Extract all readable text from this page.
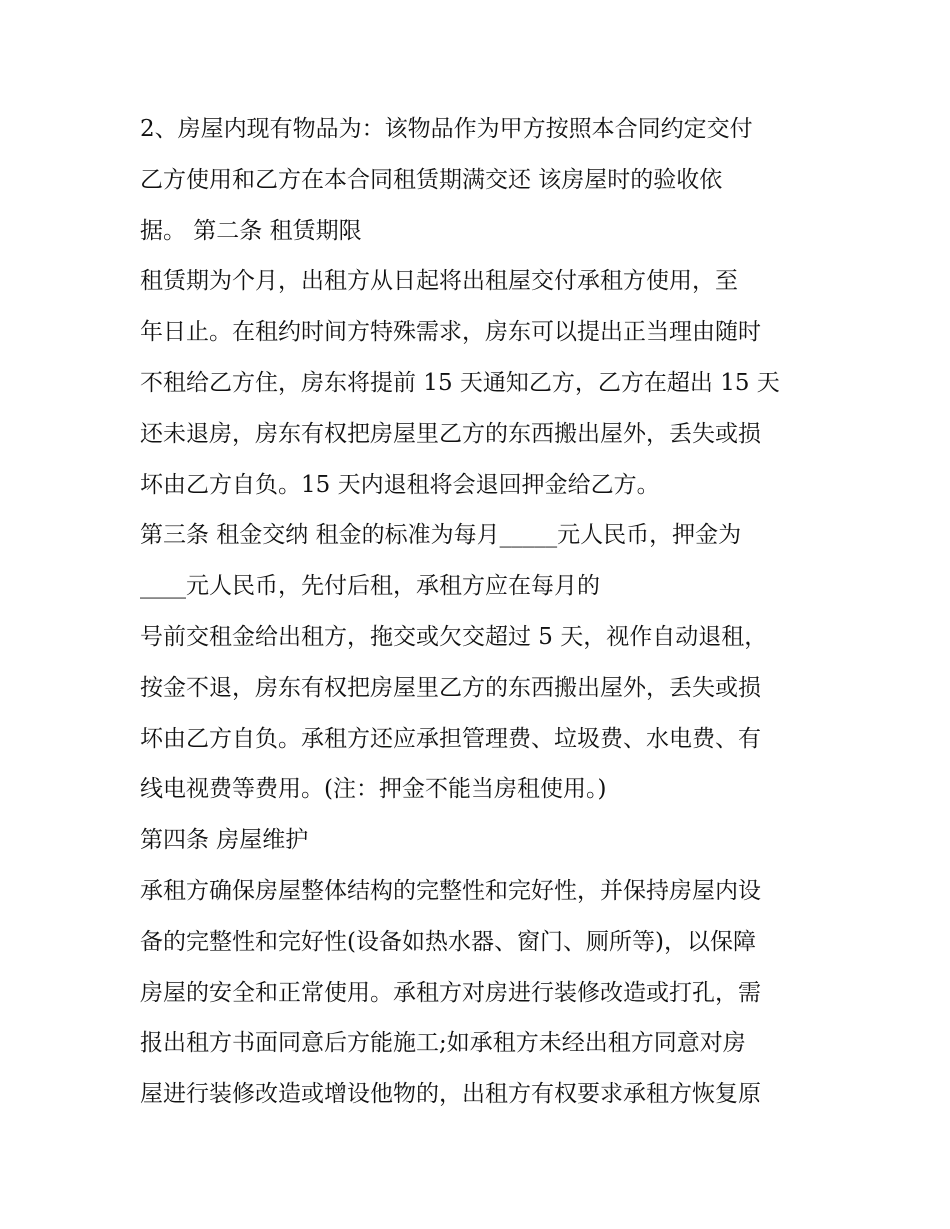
2、房屋内现有物品为：该物品作为甲方按照本合同约定交付
乙方使用和乙方在本合同租赁期满交还 该房屋时的验收依
据。 第二条 租赁期限
租赁期为个月，出租方从日起将出租屋交付承租方使用，至
年日止。在租约时间方特殊需求，房东可以提出正当理由随时
不租给乙方住，房东将提前 15 天通知乙方，乙方在超出 15 天
还未退房，房东有权把房屋里乙方的东西搬出屋外，丢失或损
坏由乙方自负。15 天内退租将会退回押金给乙方。
第三条 租金交纳 租金的标准为每月_____元人民币，押金为
____元人民币，先付后租，承租方应在每月的
号前交租金给出租方，拖交或欠交超过 5 天，视作自动退租，
按金不退，房东有权把房屋里乙方的东西搬出屋外，丢失或损
坏由乙方自负。承租方还应承担管理费、垃圾费、水电费、有
线电视费等费用。(注：押金不能当房租使用。)
第四条 房屋维护
承租方确保房屋整体结构的完整性和完好性，并保持房屋内设
备的完整性和完好性(设备如热水器、窗门、厕所等)，以保障
房屋的安全和正常使用。承租方对房进行装修改造或打孔，需
报出租方书面同意后方能施工;如承租方未经出租方同意对房
屋进行装修改造或增设他物的，出租方有权要求承租方恢复原
